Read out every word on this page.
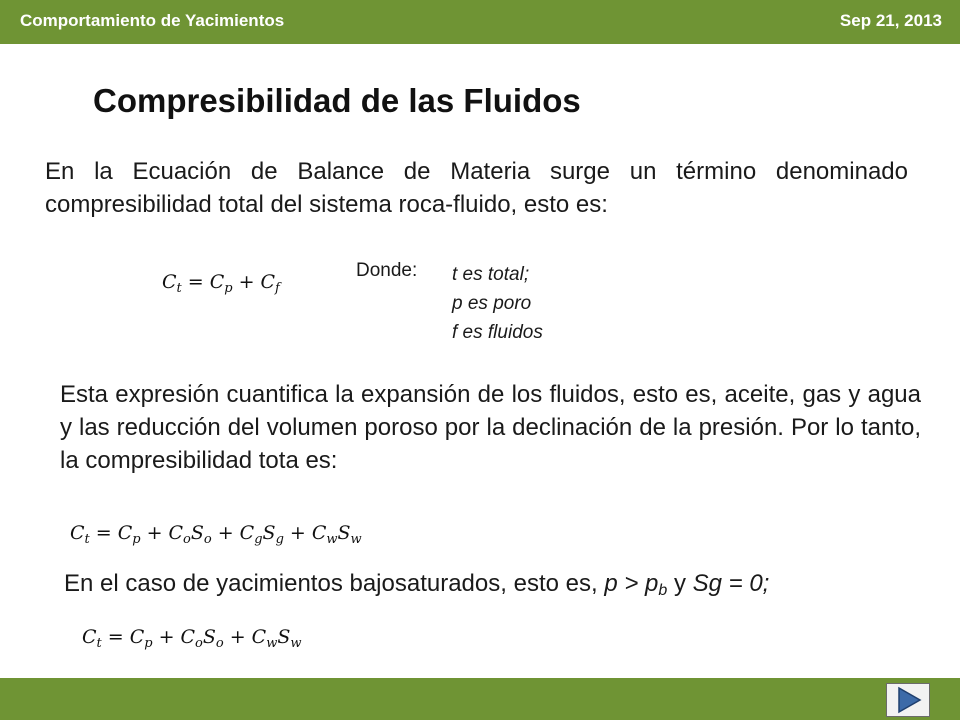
Comportamiento de Yacimientos	Sep 21, 2013
Compresibilidad de las Fluidos
En la Ecuación de Balance de Materia surge un término denominado compresibilidad total del sistema roca-fluido, esto es:
$C_t = C_p + C_f$
Donde: t es total;
p es poro
f es fluidos
Esta expresión cuantifica la expansión de los fluidos, esto es, aceite, gas y agua y las reducción del volumen poroso por la declinación de la presión. Por lo tanto, la compresibilidad tota es:
$C_t = C_p + C_oS_o + C_gS_g + C_wS_w$
En el caso de yacimientos bajosaturados, esto es, p > pb y Sg = 0;
$C_t = C_p + C_oS_o + C_wS_w$
